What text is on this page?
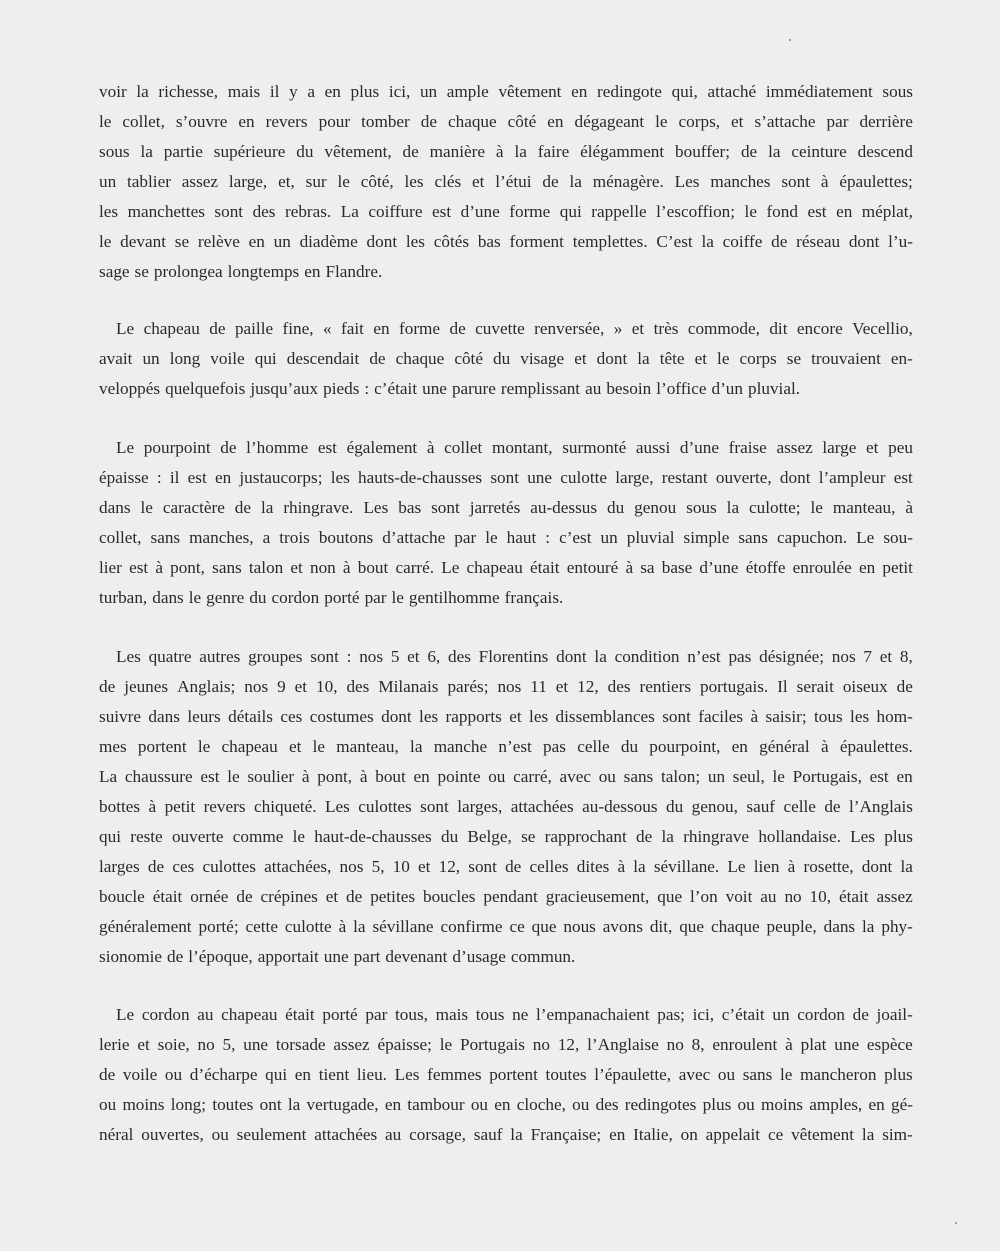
voir la richesse, mais il y a en plus ici, un ample vêtement en redingote qui, attaché immédiatement sous
le collet, s’ouvre en revers pour tomber de chaque côté en dégageant le corps, et s’attache par derrière
sous la partie supérieure du vêtement, de manière à la faire élégamment bouffer; de la ceinture descend
un tablier assez large, et, sur le côté, les clés et l’étui de la ménagère. Les manches sont à épaulettes;
les manchettes sont des rebras. La coiffure est d’une forme qui rappelle l’escoffion; le fond est en méplat,
le devant se relève en un diadème dont les côtés bas forment templettes. C’est la coiffe de réseau dont l’u-
sage se prolongea longtemps en Flandre.
Le chapeau de paille fine, « fait en forme de cuvette renversée, » et très commode, dit encore Vecellio,
avait un long voile qui descendait de chaque côté du visage et dont la tête et le corps se trouvaient en-
veloppés quelquefois jusqu’aux pieds : c’était une parure remplissant au besoin l’office d’un pluvial.
Le pourpoint de l’homme est également à collet montant, surmonté aussi d’une fraise assez large et peu
épaisse : il est en justaucorps; les hauts-de-chausses sont une culotte large, restant ouverte, dont l’ampleur est
dans le caractère de la rhingrave. Les bas sont jarretés au-dessus du genou sous la culotte; le manteau, à
collet, sans manches, a trois boutons d’attache par le haut : c’est un pluvial simple sans capuchon. Le sou-
lier est à pont, sans talon et non à bout carré. Le chapeau était entouré à sa base d’une étoffe enroulée en petit
turban, dans le genre du cordon porté par le gentilhomme français.
Les quatre autres groupes sont : nos 5 et 6, des Florentins dont la condition n’est pas désignée; nos 7 et 8,
de jeunes Anglais; nos 9 et 10, des Milanais parés; nos 11 et 12, des rentiers portugais. Il serait oiseux de
suivre dans leurs détails ces costumes dont les rapports et les dissemblances sont faciles à saisir; tous les hom-
mes portent le chapeau et le manteau, la manche n’est pas celle du pourpoint, en général à épaulettes.
La chaussure est le soulier à pont, à bout en pointe ou carré, avec ou sans talon; un seul, le Portugais, est en
bottes à petit revers chiqueté. Les culottes sont larges, attachées au-dessous du genou, sauf celle de l’Anglais
qui reste ouverte comme le haut-de-chausses du Belge, se rapprochant de la rhingrave hollandaise. Les plus
larges de ces culottes attachées, nos 5, 10 et 12, sont de celles dites à la sévillane. Le lien à rosette, dont la
boucle était ornée de crépines et de petites boucles pendant gracieusement, que l’on voit au no 10, était assez
généralement porté; cette culotte à la sévillane confirme ce que nous avons dit, que chaque peuple, dans la phy-
sionomie de l’époque, apportait une part devenant d’usage commun.
Le cordon au chapeau était porté par tous, mais tous ne l’empanachaient pas; ici, c’était un cordon de joail-
lerie et soie, no 5, une torsade assez épaisse; le Portugais no 12, l’Anglaise no 8, enroulent à plat une espèce
de voile ou d’écharpe qui en tient lieu. Les femmes portent toutes l’épaulette, avec ou sans le mancheron plus
ou moins long; toutes ont la vertugade, en tambour ou en cloche, ou des redingotes plus ou moins amples, en gé-
néral ouvertes, ou seulement attachées au corsage, sauf la Française; en Italie, on appelait ce vêtement la sim-
